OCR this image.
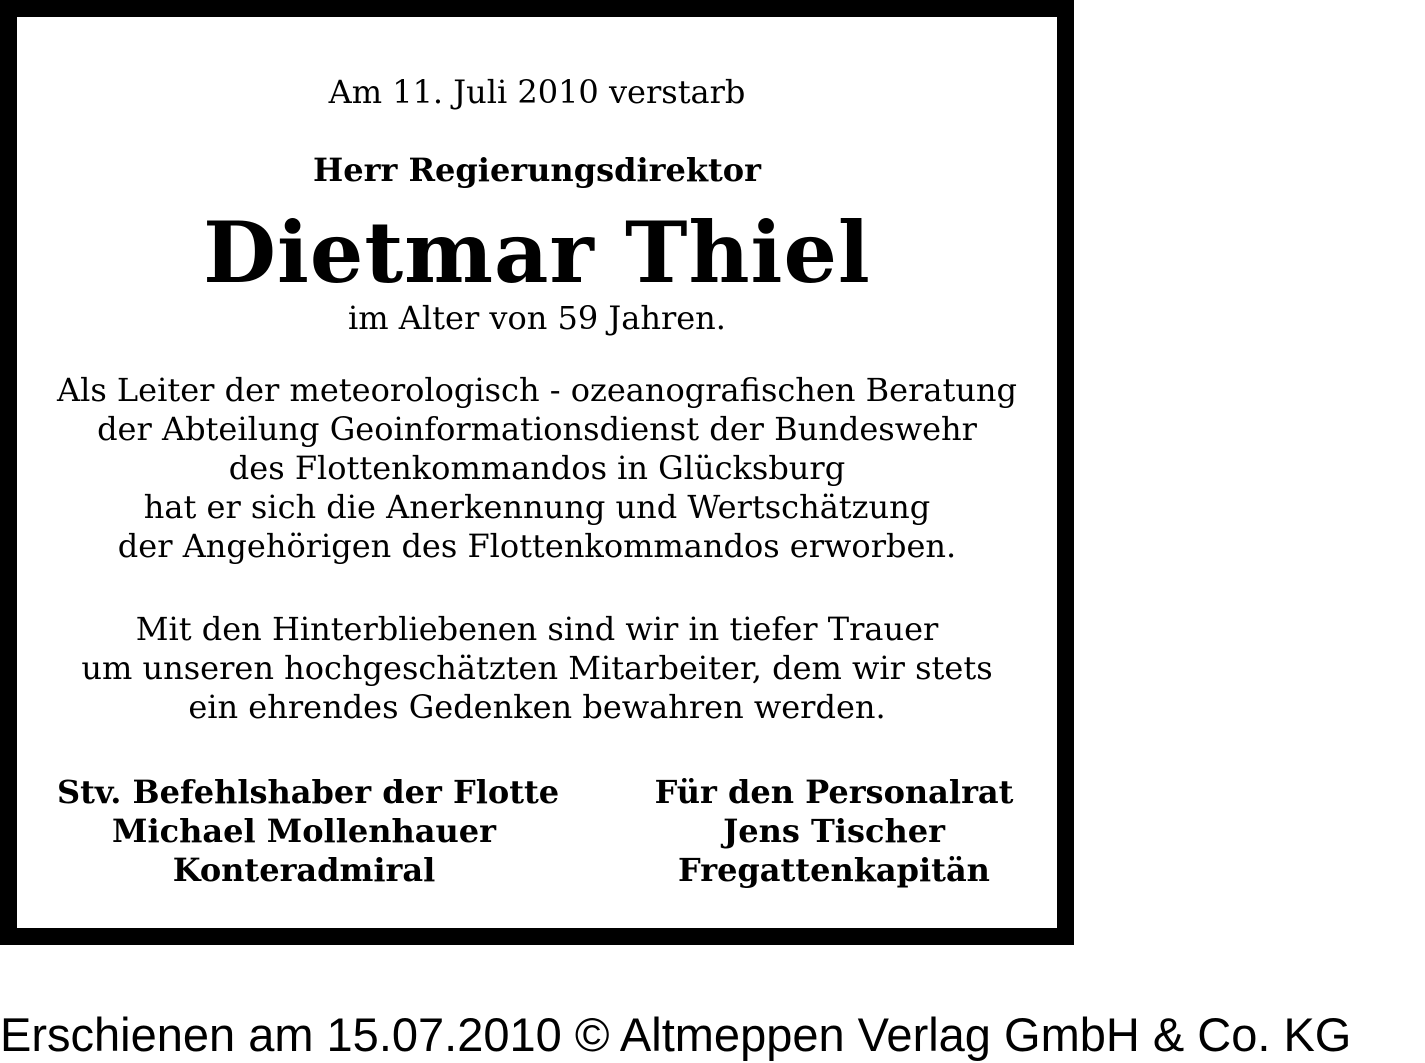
Am 11. Juli 2010 verstarb
Herr Regierungsdirektor
Dietmar Thiel
im Alter von 59 Jahren.
Als Leiter der meteorologisch - ozeanografischen Beratung
der Abteilung Geoinformationsdienst der Bundeswehr
des Flottenkommandos in Glücksburg
hat er sich die Anerkennung und Wertschätzung
der Angehörigen des Flottenkommandos erworben.
Mit den Hinterbliebenen sind wir in tiefer Trauer
um unseren hochgeschätzten Mitarbeiter, dem wir stets
ein ehrendes Gedenken bewahren werden.
Stv. Befehlshaber der Flotte
Michael Mollenhauer
Konteradmiral
Für den Personalrat
Jens Tischer
Fregattenkapitän
Erschienen am 15.07.2010 © Altmeppen Verlag GmbH & Co. KG
